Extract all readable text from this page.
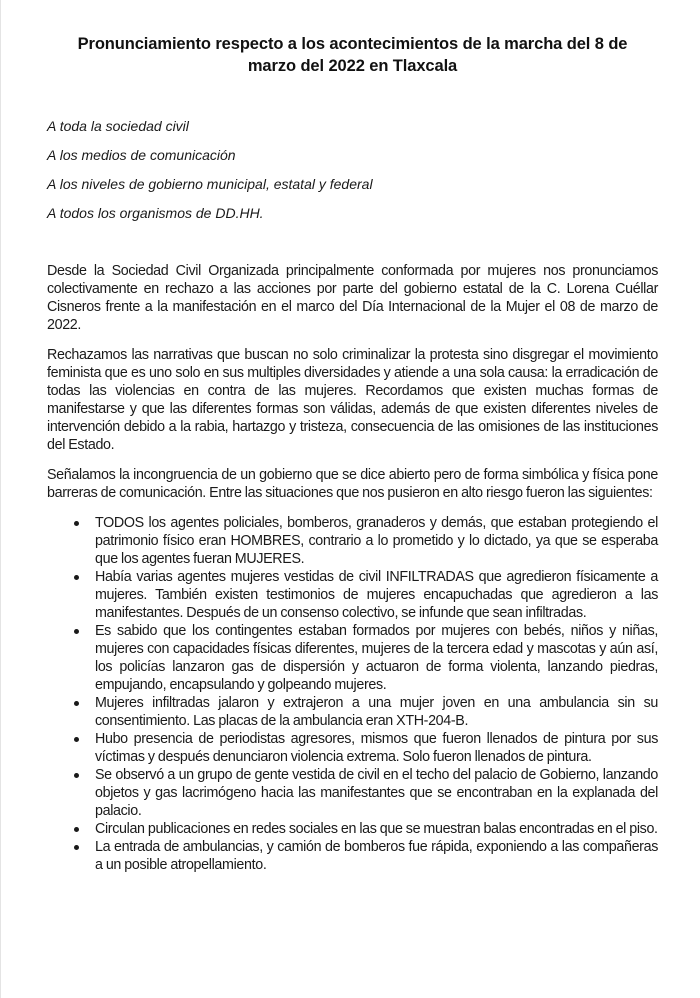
Pronunciamiento respecto a los acontecimientos de la marcha del 8 de
marzo del 2022 en Tlaxcala
A toda la sociedad civil
A los medios de comunicación
A los niveles de gobierno municipal, estatal y federal
A todos los organismos de DD.HH.

Desde la Sociedad Civil Organizada principalmente conformada por mujeres nos pronunciamos colectivamente en rechazo a las acciones por parte del gobierno estatal de la C. Lorena Cuéllar Cisneros frente a la manifestación en el marco del Día Internacional de la Mujer el 08 de marzo de 2022.

Rechazamos las narrativas que buscan no solo criminalizar la protesta sino disgregar el movimiento feminista que es uno solo en sus multiples diversidades y atiende a una sola causa: la erradicación de todas las violencias en contra de las mujeres. Recordamos que existen muchas formas de manifestarse y que las diferentes formas son válidas, además de que existen diferentes niveles de intervención debido a la rabia, hartazgo y tristeza, consecuencia de las omisiones de las instituciones del Estado.

Señalamos la incongruencia de un gobierno que se dice abierto pero de forma simbólica y física pone barreras de comunicación. Entre las situaciones que nos pusieron en alto riesgo fueron las siguientes:

TODOS los agentes policiales, bomberos, granaderos y demás, que estaban protegiendo el patrimonio físico eran HOMBRES, contrario a lo prometido y lo dictado, ya que se esperaba que los agentes fueran MUJERES.
Había varias agentes mujeres vestidas de civil INFILTRADAS que agredieron físicamente a mujeres. También existen testimonios de mujeres encapuchadas que agredieron a las manifestantes. Después de un consenso colectivo, se infunde que sean infiltradas.
Es sabido que los contingentes estaban formados por mujeres con bebés, niños y niñas, mujeres con capacidades físicas diferentes, mujeres de la tercera edad y mascotas y aún así, los policías lanzaron gas de dispersión y actuaron de forma violenta, lanzando piedras, empujando, encapsulando y golpeando mujeres.
Mujeres infiltradas jalaron y extrajeron a una mujer joven en una ambulancia sin su consentimiento. Las placas de la ambulancia eran XTH-204-B.
Hubo presencia de periodistas agresores, mismos que fueron llenados de pintura por sus víctimas y después denunciaron violencia extrema. Solo fueron llenados de pintura.
Se observó a un grupo de gente vestida de civil en el techo del palacio de Gobierno, lanzando objetos y gas lacrimógeno hacia las manifestantes que se encontraban en la explanada del palacio.
Circulan publicaciones en redes sociales en las que se muestran balas encontradas en el piso.
La entrada de ambulancias, y camión de bomberos fue rápida, exponiendo a las compañeras a un posible atropellamiento.
